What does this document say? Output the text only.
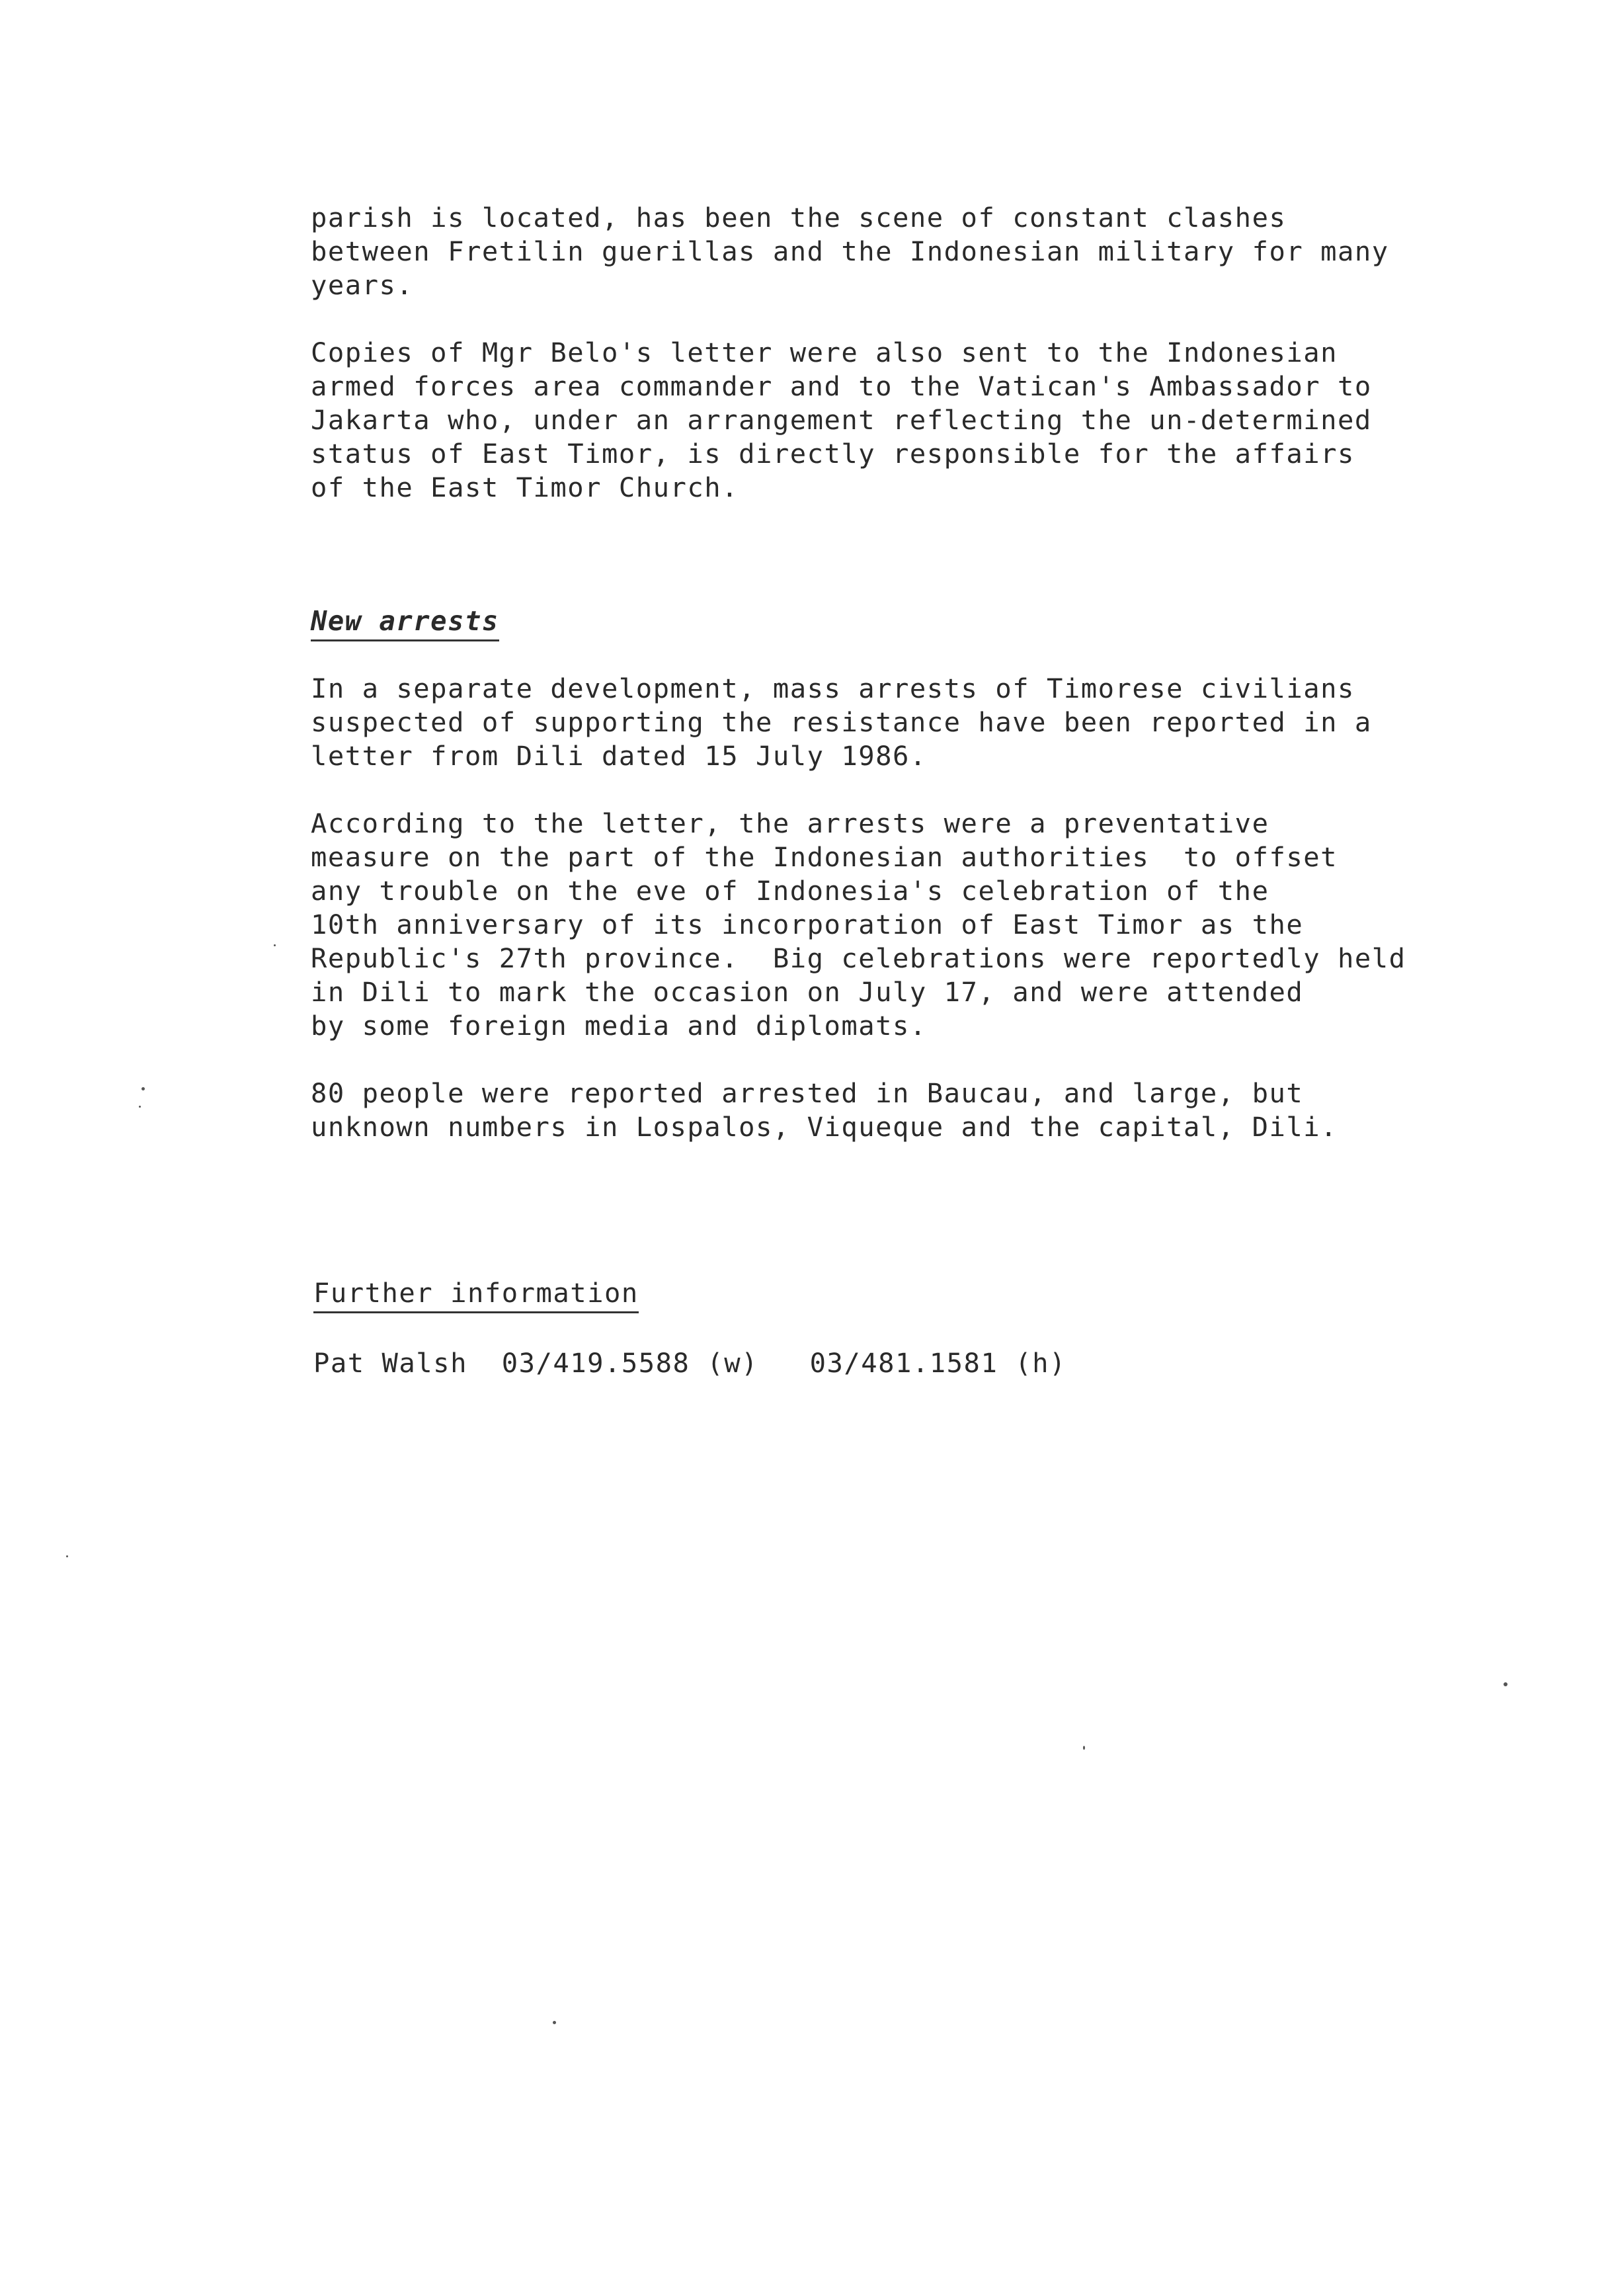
parish is located, has been the scene of constant clashes
between Fretilin guerillas and the Indonesian military for many
years.
Copies of Mgr Belo's letter were also sent to the Indonesian
armed forces area commander and to the Vatican's Ambassador to
Jakarta who, under an arrangement reflecting the un-determined
status of East Timor, is directly responsible for the affairs
of the East Timor Church.
New arrests
In a separate development, mass arrests of Timorese civilians
suspected of supporting the resistance have been reported in a
letter from Dili dated 15 July 1986.
According to the letter, the arrests were a preventative
measure on the part of the Indonesian authorities  to offset
any trouble on the eve of Indonesia's celebration of the
10th anniversary of its incorporation of East Timor as the
Republic's 27th province.  Big celebrations were reportedly held
in Dili to mark the occasion on July 17, and were attended
by some foreign media and diplomats.
80 people were reported arrested in Baucau, and large, but
unknown numbers in Lospalos, Viqueque and the capital, Dili.
Further information
Pat Walsh  03/419.5588 (w)   03/481.1581 (h)
